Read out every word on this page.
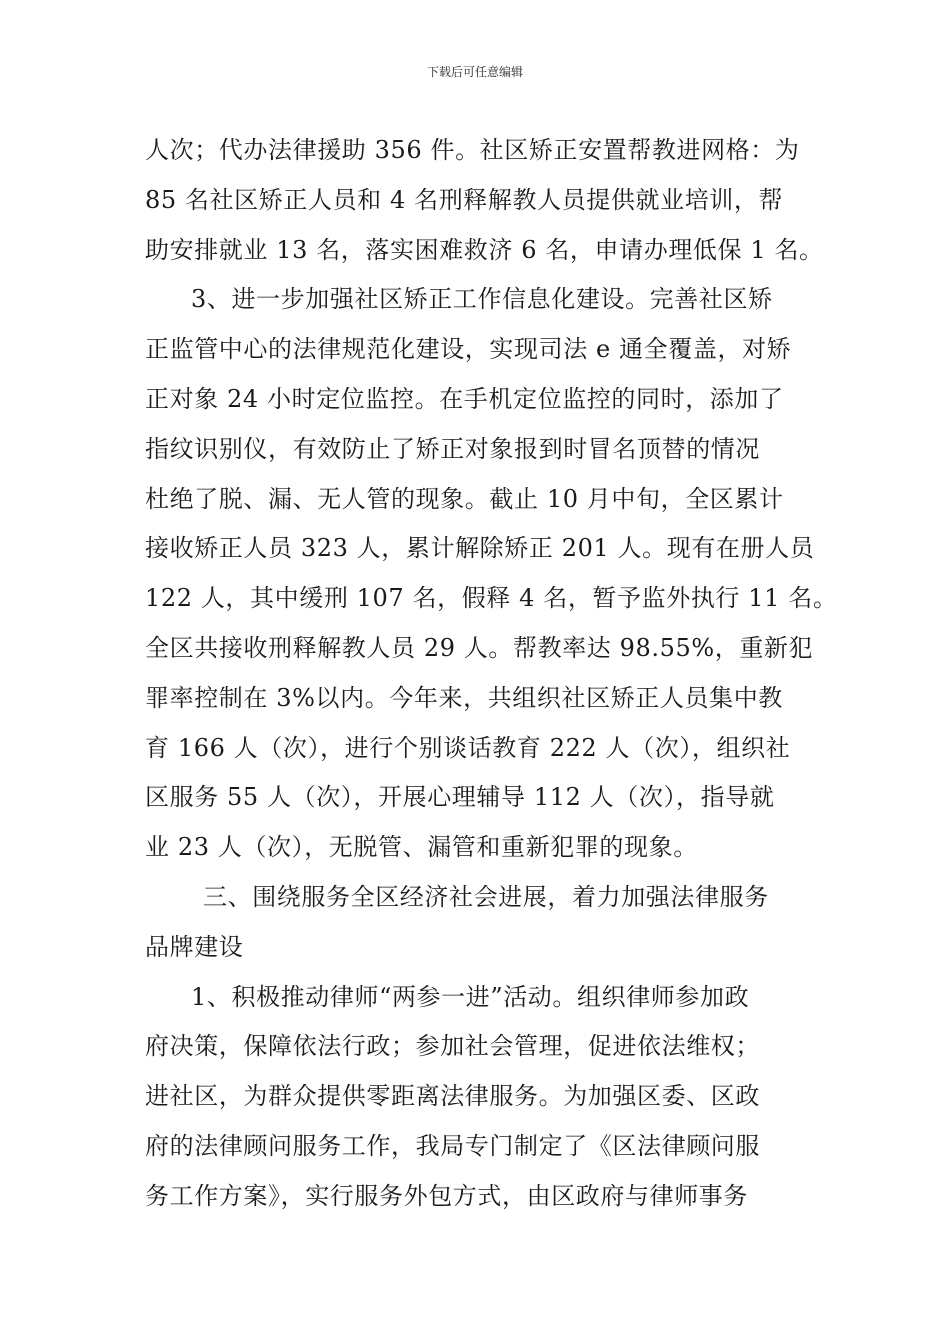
下载后可任意编辑
人次；代办法律援助 356 件。社区矫正安置帮教进网格：为
85 名社区矫正人员和 4 名刑释解教人员提供就业培训，帮
助安排就业 13 名，落实困难救济 6 名，申请办理低保 1 名。
3、进一步加强社区矫正工作信息化建设。完善社区矫
正监管中心的法律规范化建设，实现司法 e 通全覆盖，对矫
正对象 24 小时定位监控。在手机定位监控的同时，添加了
指纹识别仪，有效防止了矫正对象报到时冒名顶替的情况
杜绝了脱、漏、无人管的现象。截止 10 月中旬，全区累计
接收矫正人员 323 人，累计解除矫正 201 人。现有在册人员
122 人，其中缓刑 107 名，假释 4 名，暂予监外执行 11 名。
全区共接收刑释解教人员 29 人。帮教率达 98.55%，重新犯
罪率控制在 3%以内。今年来，共组织社区矫正人员集中教
育 166 人（次），进行个别谈话教育 222 人（次），组织社
区服务 55 人（次），开展心理辅导 112 人（次），指导就
业 23 人（次），无脱管、漏管和重新犯罪的现象。
三、围绕服务全区经济社会进展，着力加强法律服务
品牌建设
1、积极推动律师“两参一进”活动。组织律师参加政
府决策，保障依法行政；参加社会管理，促进依法维权；
进社区，为群众提供零距离法律服务。为加强区委、区政
府的法律顾问服务工作，我局专门制定了《区法律顾问服
务工作方案》，实行服务外包方式，由区政府与律师事务
